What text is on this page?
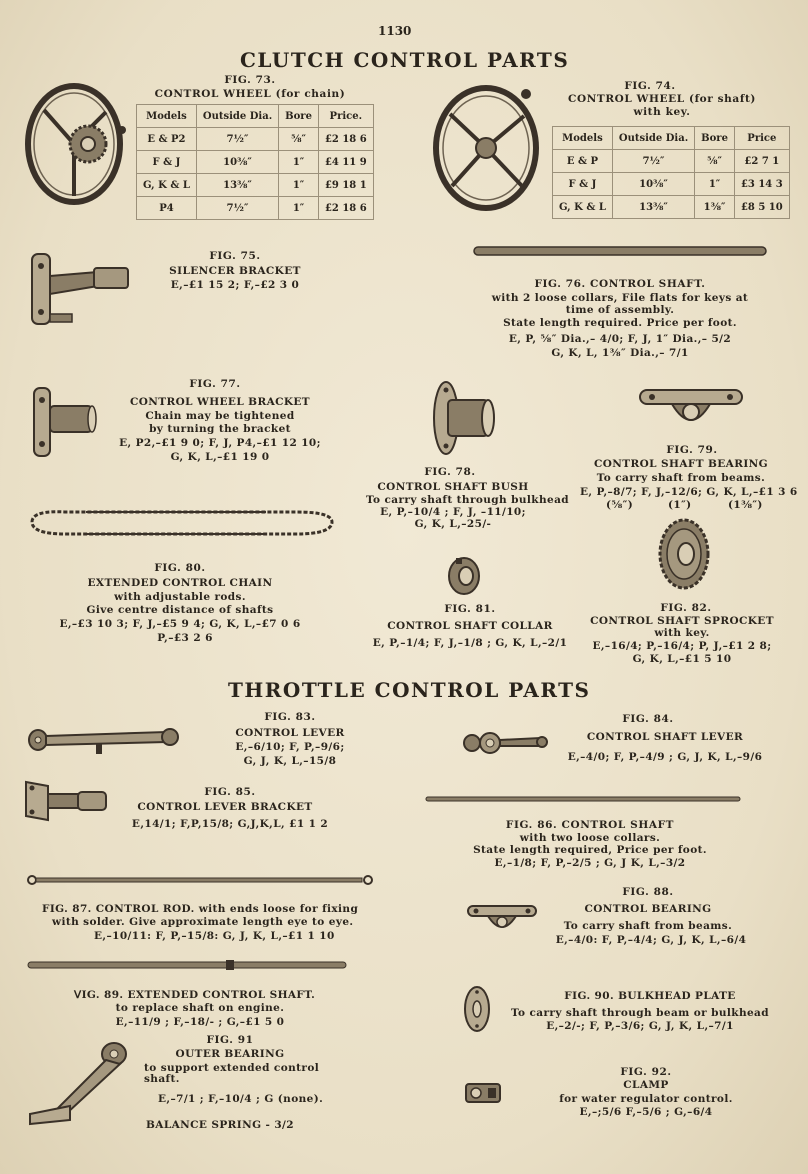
1130
CLUTCH CONTROL PARTS
FIG. 73.
CONTROL WHEEL (for chain)
Models	Outside Dia.	Bore	Price.
E & P2	7½″	⅝″	£2 18 6
F & J	10⅜″	1″	£4 11 9
G, K & L	13⅜″	1″	£9 18 1
P4	7½″	1″	£2 18 6
FIG. 74.
CONTROL WHEEL (for shaft)
with key.
Models	Outside Dia.	Bore	Price
E & P	7½″	⅝″	£2 7 1
F & J	10⅜″	1″	£3 14 3
G, K & L	13⅜″	1⅜″	£8 5 10
FIG. 75.
SILENCER BRACKET
E,–£1 15 2; F,–£2 3 0	FIG. 76. CONTROL SHAFT.
with 2 loose collars, File flats for keys at
time of assembly.
State length required. Price per foot.
E, P, ⅝″ Dia.,– 4/0; F, J, 1″ Dia.,– 5/2
G, K, L, 1⅜″ Dia.,– 7/1
FIG. 77.
CONTROL WHEEL BRACKET
Chain may be tightened
by turning the bracket
E, P2,–£1 9 0; F, J, P4,–£1 12 10;
G, K, L,–£1 19 0
FIG. 78.
CONTROL SHAFT BUSH
To carry shaft through bulkhead
E, P,–10/4 ; F, J, –11/10;
G, K, L,–25/-
FIG. 79.
CONTROL SHAFT BEARING
To carry shaft from beams.
E, P,–8/7; F, J,–12/6; G, K, L,–£1 3 6
(⅝″)	(1″)	(1⅜″)
FIG. 80.
EXTENDED CONTROL CHAIN
with adjustable rods.
Give centre distance of shafts
E,–£3 10 3; F, J,–£5 9 4; G, K, L,–£7 0 6
P,–£3 2 6
FIG. 81.
CONTROL SHAFT COLLAR
E, P,–1/4; F, J,–1/8 ; G, K, L,–2/1
FIG. 82.
CONTROL SHAFT SPROCKET
with key.
E,–16/4; P,–16/4; P, J,–£1 2 8;
G, K, L,–£1 5 10
THROTTLE CONTROL PARTS
FIG. 83.
CONTROL LEVER
E,–6/10; F, P,–9/6;
G, J, K, L,–15/8
FIG. 84.
CONTROL SHAFT LEVER
E,–4/0; F, P,–4/9 ; G, J, K, L,–9/6
FIG. 85.
CONTROL LEVER BRACKET
E,14/1; F,P,15/8; G,J,K,L, £1 1 2	FIG. 86. CONTROL SHAFT
with two loose collars.
State length required, Price per foot.
E,–1/8; F, P,–2/5 ; G, J K, L,–3/2
FIG. 87. CONTROL ROD. with ends loose for fixing
with solder. Give approximate length eye to eye.
E,–10/11: F, P,–15/8: G, J, K, L,–£1 1 10
FIG. 88.
CONTROL BEARING
To carry shaft from beams.
E,–4/0: F, P,–4/4; G, J, K, L,–6/4
ᐯIG. 89. EXTENDED CONTROL SHAFT.
to replace shaft on engine.
E,–11/9 ; F,–18/- ; G,–£1 5 0
FIG. 90. BULKHEAD PLATE
To carry shaft through beam or bulkhead
E,–2/-; F, P,–3/6; G, J, K, L,–7/1
FIG. 91
OUTER BEARING
to support extended control
shaft.
E,–7/1 ; F,–10/4 ; G (none).
BALANCE SPRING - 3/2
FIG. 92.
CLAMP
for water regulator control.
E,–;5/6 F,–5/6 ; G,–6/4
